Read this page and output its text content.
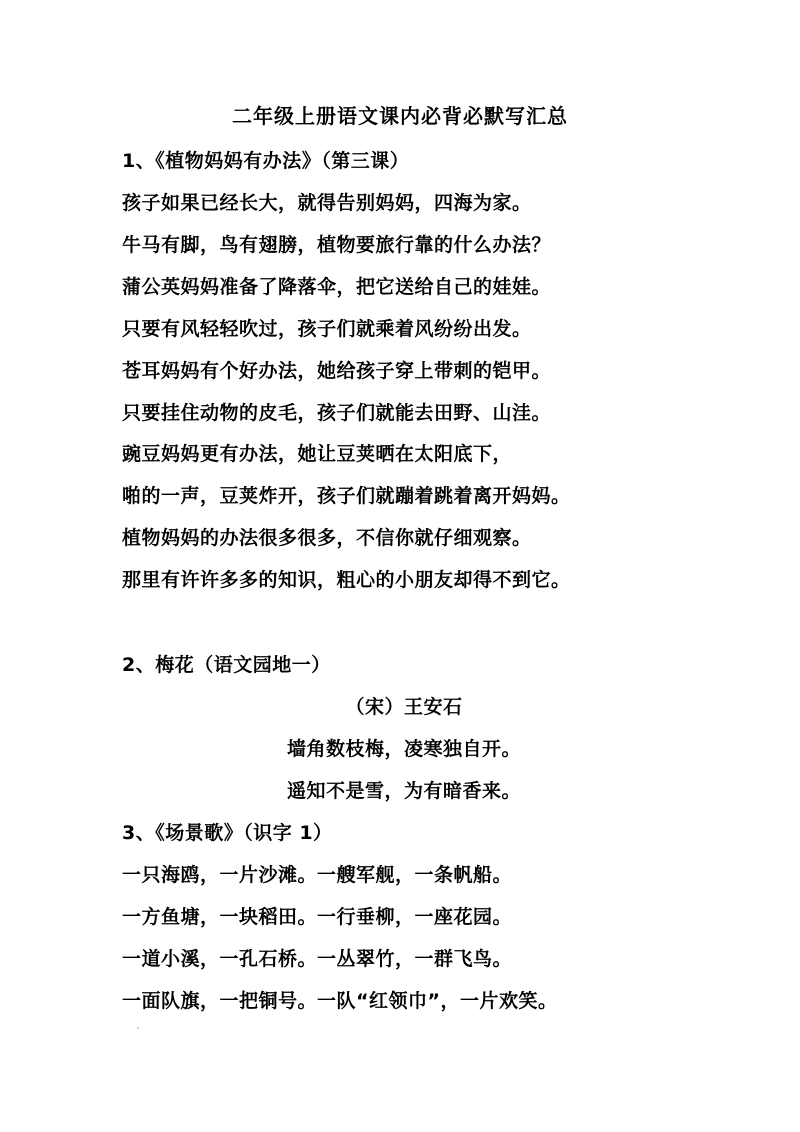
二年级上册语文课内必背必默写汇总
1、《植物妈妈有办法》（第三课）
孩子如果已经长大，就得告别妈妈，四海为家。
牛马有脚，鸟有翅膀，植物要旅行靠的什么办法？
蒲公英妈妈准备了降落伞，把它送给自己的娃娃。
只要有风轻轻吹过，孩子们就乘着风纷纷出发。
苍耳妈妈有个好办法，她给孩子穿上带刺的铠甲。
只要挂住动物的皮毛，孩子们就能去田野、山洼。
豌豆妈妈更有办法，她让豆荚晒在太阳底下，
啪的一声，豆荚炸开，孩子们就蹦着跳着离开妈妈。
植物妈妈的办法很多很多，不信你就仔细观察。
那里有许许多多的知识，粗心的小朋友却得不到它。
2、梅花（语文园地一）
（宋）王安石
墙角数枝梅，凌寒独自开。
遥知不是雪，为有暗香来。
3、《场景歌》（识字 1）
一只海鸥，一片沙滩。一艘军舰，一条帆船。
一方鱼塘，一块稻田。一行垂柳，一座花园。
一道小溪，一孔石桥。一丛翠竹，一群飞鸟。
一面队旗，一把铜号。一队“红领巾”，一片欢笑。
